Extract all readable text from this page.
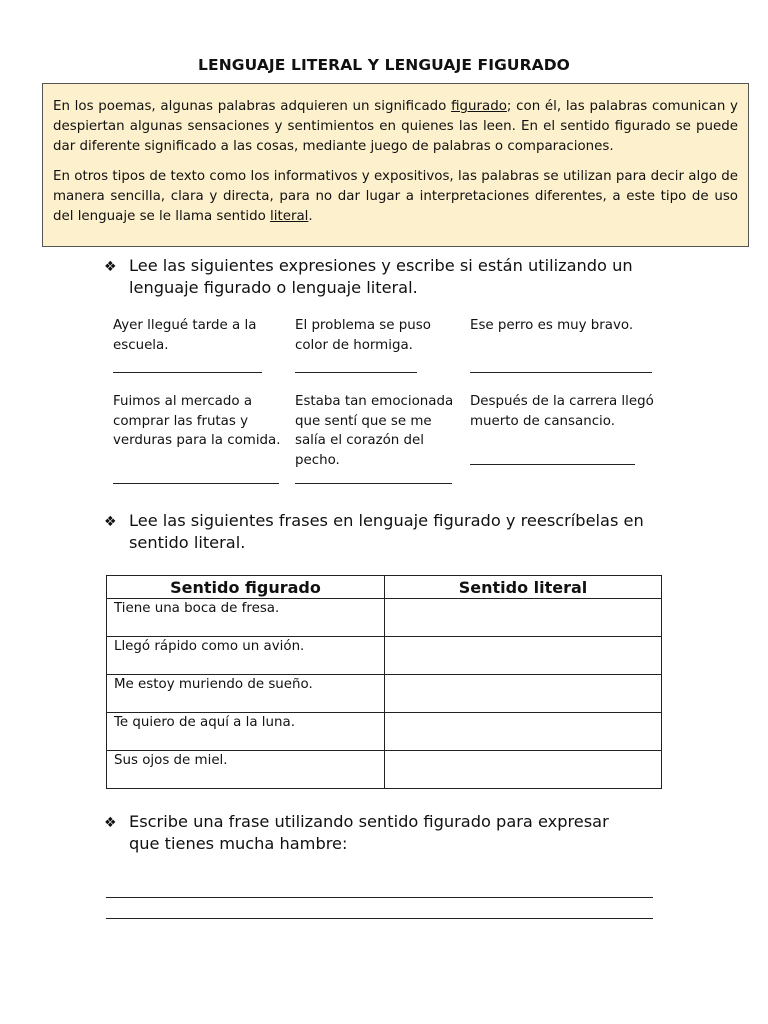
LENGUAJE LITERAL Y LENGUAJE FIGURADO

En los poemas, algunas palabras adquieren un significado figurado; con él, las palabras comunican y despiertan algunas sensaciones y sentimientos en quienes las leen. En el sentido figurado se puede dar diferente significado a las cosas, mediante juego de palabras o comparaciones.

En otros tipos de texto como los informativos y expositivos, las palabras se utilizan para decir algo de manera sencilla, clara y directa, para no dar lugar a interpretaciones diferentes, a este tipo de uso del lenguaje se le llama sentido literal.

❖ Lee las siguientes expresiones y escribe si están utilizando un lenguaje figurado o lenguaje literal.
Ayer llegué tarde a la escuela.
El problema se puso color de hormiga.
Ese perro es muy bravo.
Fuimos al mercado a comprar las frutas y verduras para la comida.
Estaba tan emocionada que sentí que se me salía el corazón del pecho.
Después de la carrera llegó muerto de cansancio.
❖ Lee las siguientes frases en lenguaje figurado y reescríbelas en sentido literal.
Sentido figurado	Sentido literal
Tiene una boca de fresa.	
Llegó rápido como un avión.	
Me estoy muriendo de sueño.	
Te quiero de aquí a la luna.	
Sus ojos de miel.	
❖ Escribe una frase utilizando sentido figurado para expresar que tienes mucha hambre:
